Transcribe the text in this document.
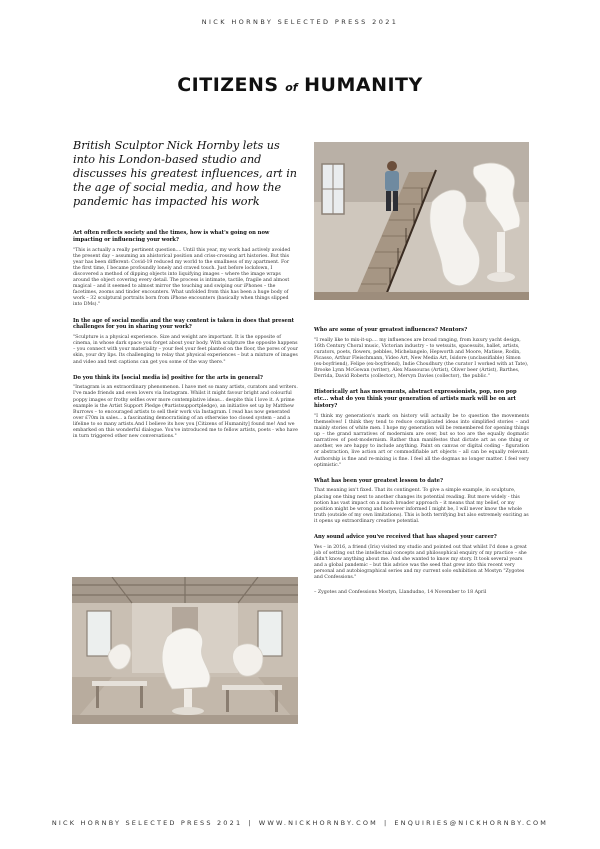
NICK HORNBY SELECTED PRESS 2021
CITIZENS of HUMANITY
British Sculptor Nick Hornby lets us into his London-based studio and discusses his greatest influences, art in the age of social media, and how the pandemic has impacted his work
Art often reflects society and the times, how is what's going on now impacting or influencing your work?
"This is actually a really pertinent question.... Until this year, my work had actively avoided the present day – assuming an ahistorical position and criss-crossing art histories. But this year has been different: Covid-19 reduced my world to the smallness of my apartment. For the first time, I became profoundly lonely and craved touch. Just before lockdown, I discovered a method of dipping objects into liquifying images – where the image wraps around the object covering every detail. The process is intimate, tactile, fragile and almost magical – and it seemed to almost mirror the touching and swiping our iPhones – the facetimes, zooms and tinder encounters. What unfolded from this has been a huge body of work – 32 sculptural portraits born from iPhone encounters (basically when things slipped into DMs)."
In the age of social media and the way content is taken in does that present challenges for you in sharing your work?
"Sculpture is a physical experience. Size and weight are important. It is the opposite of cinema, in whose dark space you forget about your body. With sculpture the opposite happens – you connect with your materiality – your feel your feet planted on the floor, the pores of your skin, your dry lips. Its challenging to relay that physical experiences – but a mixture of images and video and text captions can get you some of the way there."
Do you think its [social media is] positive for the arts in general?
"Instagram is an extraordinary phenomenon. I have met so many artists, curators and writers. I've made friends and even lovers via Instagram. Whilst it might favour bright and colourful poppy images or frothy selfies over more contemplative ideas... despite this I love it. A prime example is the Artist Support Pledge (#artistsupportpledge), an initiative set up by Matthew Burrows – to encouraged artists to sell their work via Instagram. I read has now generated over £70m in sales... a fascinating democratising of an otherwise too closed system – and a lifeline to so many artists.And I believe its how you [Citizens of Humanity] found me! And we embarked on this wonderful dialogue. You've introduced me to fellow artists, poets - who have in turn triggered other new conversations."
Who are some of your greatest influences? Mentors?
"I really like to mix-it-up.... my influences are broad ranging, from luxury yacht design, 16th Century Choral music, Victorian industry – to wetsuits, spacesuits, ballet, artists, curators, poets, flowers, pebbles, Michelangelo, Hepworth and Moore, Matisse, Rodin, Picasso, Arthur Fleischmann, Video Art, New Media Art, Isidore (unclassifiable) Simon (ex-boyfriend), Felipe (ex-boyfriend), Indie Choudhury (the curator I worked with at Tate), Brooke Lynn McGowan (writer), Alex Massouras (Artist), Oliver beer (Artist), Barthes, Derrida, David Roberts (collector), Mervyn Davies (collector), the public."
Historically art has movements, abstract expressionists, pop, neo pop etc... what do you think your generation of artists mark will be on art history?
"I think my generation's mark on history will actually be to question the movements themselves! I think they tend to reduce complicated ideas into simplified stories – and mainly stories of white men. I hope my generation will be remembered for opening things up – the grand narratives of modernism are over, but so too are the equally dogmatic narratives of post-modernism. Rather than manifestos that dictate art as one thing or another, we are happy to include anything. Paint on canvas or digital coding - figuration or abstraction, live action art or commodifiable art objects – all can be equally relevant. Authorship is fine and re-mixing is fine. I feel all the dogmas no longer matter. I feel very optimistic."
What has been your greatest lesson to date?
That meaning isn't fixed. That its contingent. To give a simple example, in sculpture, placing one thing next to another changes its potential reading. But more widely - this notion has vast impact on a much broader approach – it means that my belief, or my position might be wrong and however informed I might be, I will never know the whole truth (outside of my own limitations). This is both terrifying but also extremely exciting as it opens up extraordinary creative potential.
Any sound advice you've received that has shaped your career?
Yes – in 2016, a friend (Iris) visited my studio and pointed out that whilst I'd done a great job of setting out the intellectual concepts and philosophical enquiry of my practice – she didn't know anything about me. And she wanted to know my story. It took several years and a global pandemic – but this advice was the seed that grew into this recent very personal and autobiographical series and my current solo exhibition at Mostyn "Zygotes and Confessions."
– Zygotes and Confessions Mostyn, Llandudno, 14 November to 18 April
NICK HORNBY SELECTED PRESS 2021 | WWW.NICKHORNBY.COM | ENQUIRIES@NICKHORNBY.COM
